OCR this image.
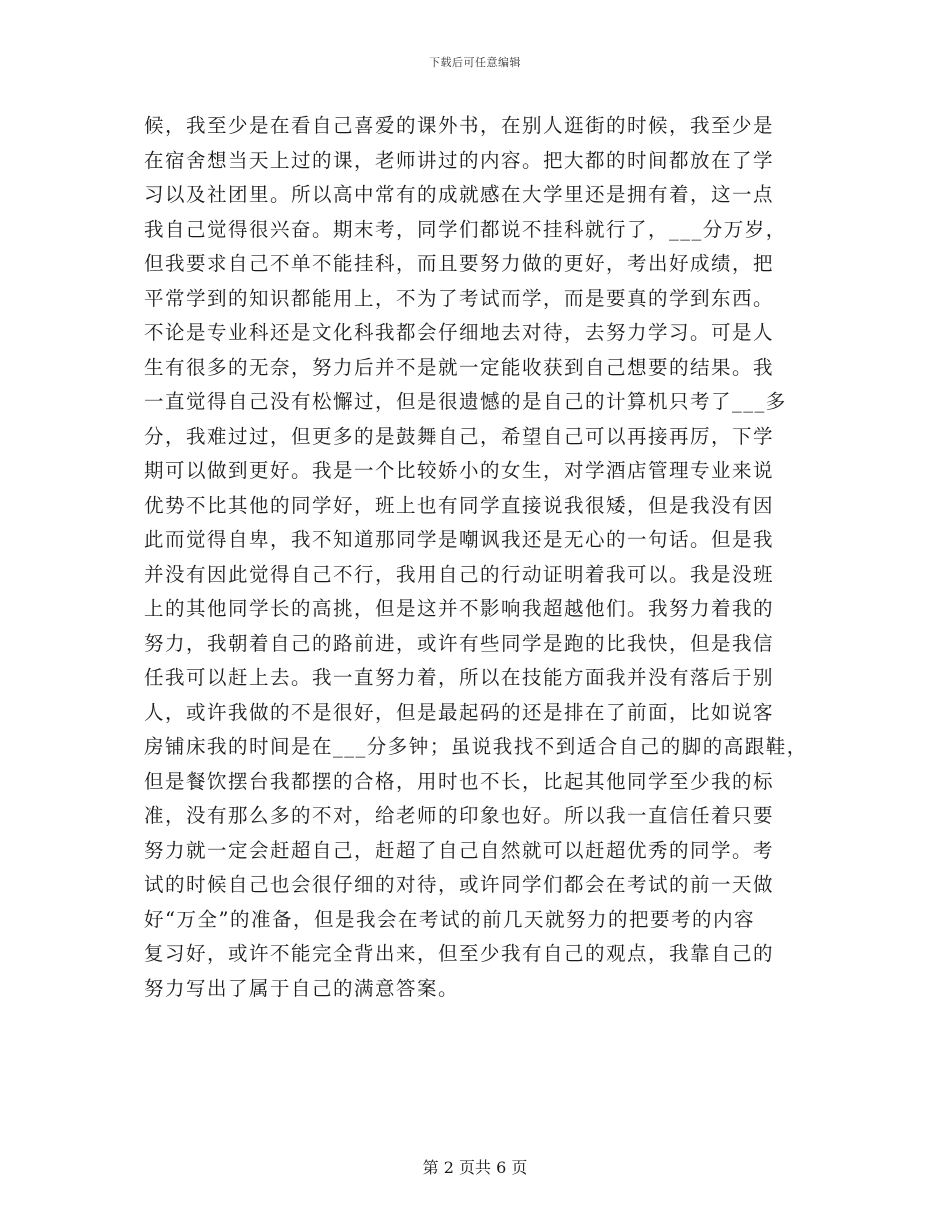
下载后可任意编辑
候，我至少是在看自己喜爱的课外书，在别人逛街的时候，我至少是
在宿舍想当天上过的课，老师讲过的内容。把大都的时间都放在了学
习以及社团里。所以高中常有的成就感在大学里还是拥有着，这一点
我自己觉得很兴奋。期末考，同学们都说不挂科就行了，___分万岁，
但我要求自己不单不能挂科，而且要努力做的更好，考出好成绩，把
平常学到的知识都能用上，不为了考试而学，而是要真的学到东西。
不论是专业科还是文化科我都会仔细地去对待，去努力学习。可是人
生有很多的无奈，努力后并不是就一定能收获到自己想要的结果。我
一直觉得自己没有松懈过，但是很遗憾的是自己的计算机只考了___多
分，我难过过，但更多的是鼓舞自己，希望自己可以再接再厉，下学
期可以做到更好。我是一个比较娇小的女生，对学酒店管理专业来说
优势不比其他的同学好，班上也有同学直接说我很矮，但是我没有因
此而觉得自卑，我不知道那同学是嘲讽我还是无心的一句话。但是我
并没有因此觉得自己不行，我用自己的行动证明着我可以。我是没班
上的其他同学长的高挑，但是这并不影响我超越他们。我努力着我的
努力，我朝着自己的路前进，或许有些同学是跑的比我快，但是我信
任我可以赶上去。我一直努力着，所以在技能方面我并没有落后于别
人，或许我做的不是很好，但是最起码的还是排在了前面，比如说客
房铺床我的时间是在___分多钟；虽说我找不到适合自己的脚的高跟鞋，
但是餐饮摆台我都摆的合格，用时也不长，比起其他同学至少我的标
准，没有那么多的不对，给老师的印象也好。所以我一直信任着只要
努力就一定会赶超自己，赶超了自己自然就可以赶超优秀的同学。考
试的时候自己也会很仔细的对待，或许同学们都会在考试的前一天做
好“万全”的准备，但是我会在考试的前几天就努力的把要考的内容
复习好，或许不能完全背出来，但至少我有自己的观点，我靠自己的
努力写出了属于自己的满意答案。
第 2 页共 6 页
